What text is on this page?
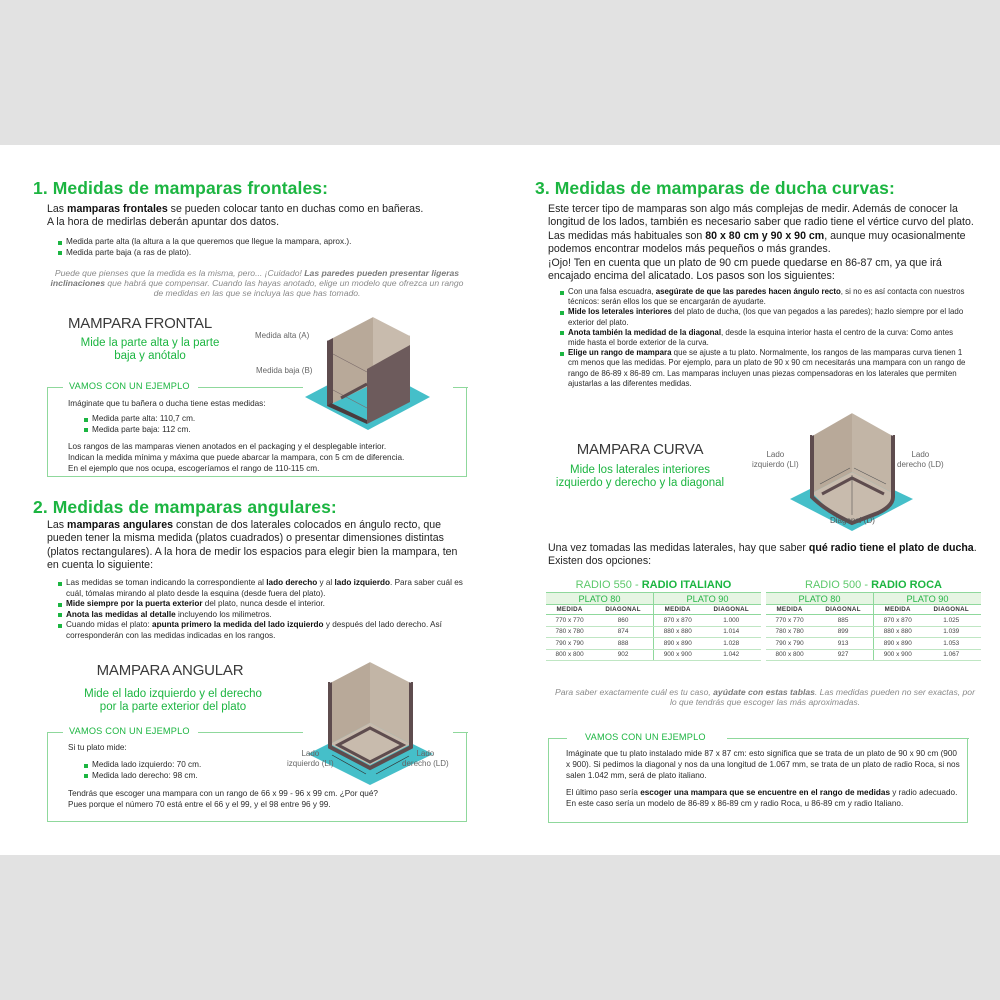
1. Medidas de mamparas frontales:
Las mamparas frontales se pueden colocar tanto en duchas como en bañeras.
A la hora de medirlas deberán apuntar dos datos.
Medida parte alta (la altura a la que queremos que llegue la mampara, aprox.).
Medida parte baja (a ras de plato).
Puede que pienses que la medida es la misma, pero... ¡Cuidado! Las paredes pueden presentar ligeras inclinaciones que habrá que compensar. Cuando las hayas anotado, elige un modelo que ofrezca un rango de medidas en las que se incluya las que has tomado.
MAMPARA FRONTAL
Mide la parte alta y la parte baja y anótalo
Medida alta (A)
Medida baja (B)
VAMOS CON UN EJEMPLO
Imáginate que tu bañera o ducha tiene estas medidas:
Medida parte alta: 110,7 cm.
Medida parte baja: 112 cm.
Los rangos de las mamparas vienen anotados en el packaging y el desplegable interior.
Indican la medida mínima y máxima que puede abarcar la mampara, con 5 cm de diferencia.
En el ejemplo que nos ocupa, escogeríamos el rango de 110-115 cm.
2. Medidas de mamparas angulares:
Las mamparas angulares constan de dos laterales colocados en ángulo recto, que pueden tener la misma medida (platos cuadrados) o presentar dimensiones distintas (platos rectangulares). A la hora de medir los espacios para elegir bien la mampara, ten en cuenta lo siguiente:
Las medidas se toman indicando la correspondiente al lado derecho y al lado izquierdo. Para saber cuál es cuál, tómalas mirando al plato desde la esquina (desde fuera del plato).
Mide siempre por la puerta exterior del plato, nunca desde el interior.
Anota las medidas al detalle incluyendo los milimetros.
Cuando midas el plato: apunta primero la medida del lado izquierdo y después del lado derecho. Así corresponderán con las medidas indicadas en los rangos.
MAMPARA ANGULAR
Mide el lado izquierdo y el derecho por la parte exterior del plato
Lado
izquierdo (LI)
Lado
derecho (LD)
VAMOS CON UN EJEMPLO
Si tu plato mide:
Medida lado izquierdo: 70 cm.
Medida lado derecho: 98 cm.
Tendrás que escoger una mampara con un rango de 66 x 99 - 96 x 99 cm. ¿Por qué?
Pues porque el número 70 está entre el 66 y el 99, y el 98 entre 96 y 99.
3. Medidas de mamparas de ducha curvas:
Este tercer tipo de mamparas son algo más complejas de medir. Además de conocer la longitud de los lados, también es necesario saber que radio tiene el vértice curvo del plato. Las medidas más habituales son 80 x 80 cm y 90 x 90 cm, aunque muy ocasionalmente podemos encontrar modelos más pequeños o más grandes.
¡Ojo! Ten en cuenta que un plato de 90 cm puede quedarse en 86-87 cm, ya que irá encajado encima del alicatado. Los pasos son los siguientes:
Con una falsa escuadra, asegúrate de que las paredes hacen ángulo recto, si no es así contacta con nuestros técnicos: serán ellos los que se encargarán de ayudarte.
Mide los leterales interiores del plato de ducha, (los que van pegados a las paredes); hazlo siempre por el lado exterior del plato.
Anota también la medidad de la diagonal, desde la esquina interior hasta el centro de la curva: Como antes mide hasta el borde exterior de la curva.
Elige un rango de mampara que se ajuste a tu plato. Normalmente, los rangos de las mamparas curva tienen 1 cm menos que las medidas. Por ejemplo, para un plato de 90 x 90 cm necesitarás una mampara con un rango de rango de 86-89 x 86-89 cm. Las mamparas incluyen unas piezas compensadoras en los laterales que permiten ajustarlas a las diferentes medidas.
MAMPARA CURVA
Mide los laterales interiores izquierdo y derecho y la diagonal
Lado
izquierdo (LI)
Lado
derecho (LD)
Diagonal (D)
Una vez tomadas las medidas laterales, hay que saber qué radio tiene el plato de ducha. Existen dos opciones:
RADIO 550 - RADIO ITALIANO
PLATO 80		PLATO 90	
MEDIDA	DIAGONAL	MEDIDA	DIAGONAL
770 x 770	860	870 x 870	1.000
780 x 780	874	880 x 880	1.014
790 x 790	888	890 x 890	1.028
800 x 800	902	900 x 900	1.042
RADIO 500 - RADIO ROCA
PLATO 80		PLATO 90	
MEDIDA	DIAGONAL	MEDIDA	DIAGONAL
770 x 770	885	870 x 870	1.025
780 x 780	899	880 x 880	1.039
790 x 790	913	890 x 890	1.053
800 x 800	927	900 x 900	1.067
Para saber exactamente cuál es tu caso, ayúdate con estas tablas. Las medidas pueden no ser exactas, por lo que tendrás que escoger las más aproximadas.
VAMOS CON UN EJEMPLO
Imáginate que tu plato instalado mide 87 x 87 cm: esto significa que se trata de un plato de 90 x 90 cm (900 x 900). Si pedimos la diagonal y nos da una longitud de 1.067 mm, se trata de un plato de radio Roca, si nos salen 1.042 mm, será de plato italiano.
El último paso sería escoger una mampara que se encuentre en el rango de medidas y radio adecuado. En este caso sería un modelo de 86-89 x 86-89 cm y radio Roca, u 86-89 cm y radio Italiano.
